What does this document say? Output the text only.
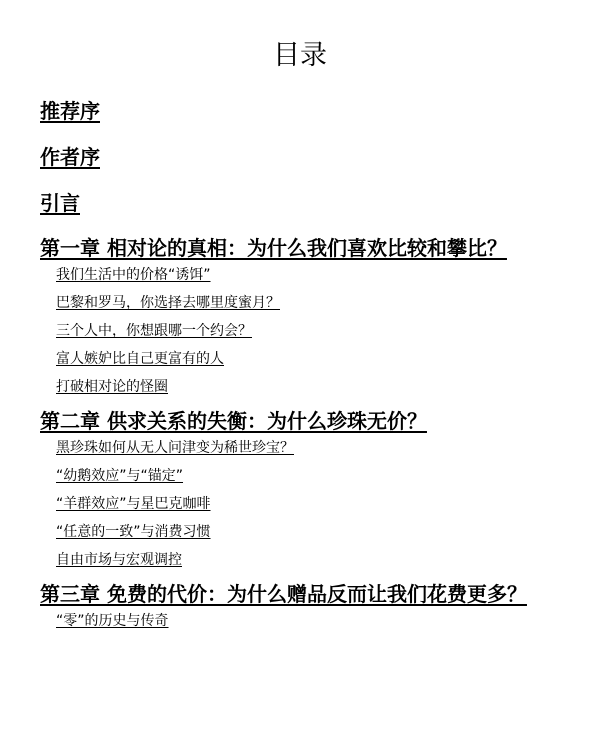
目录
推荐序
作者序
引言
第一章 相对论的真相：为什么我们喜欢比较和攀比？
我们生活中的价格“诱饵”
巴黎和罗马，你选择去哪里度蜜月？
三个人中，你想跟哪一个约会？
富人嫉妒比自己更富有的人
打破相对论的怪圈
第二章 供求关系的失衡：为什么珍珠无价？
黑珍珠如何从无人问津变为稀世珍宝？
“幼鹅效应”与“锚定”
“羊群效应”与星巴克咖啡
“任意的一致”与消费习惯
自由市场与宏观调控
第三章 免费的代价：为什么赠品反而让我们花费更多？
“零”的历史与传奇
